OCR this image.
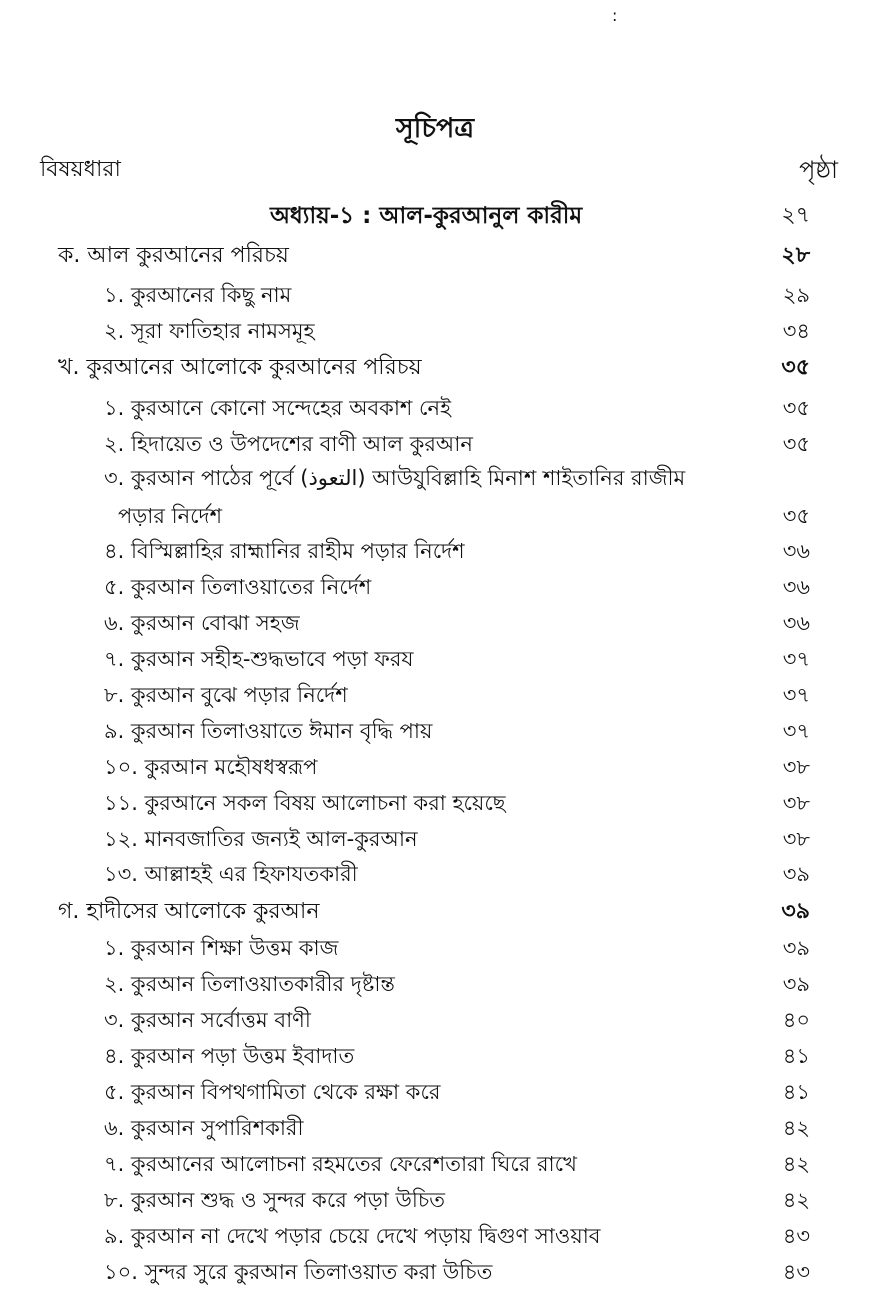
:
সূচিপত্র
বিষয়ধারা	পৃষ্ঠা
অধ্যায়-১ : আল-কুরআনুল কারীম	২৭
ক. আল কুরআনের পরিচয়	২৮
১. কুরআনের কিছু নাম	২৯
২. সূরা ফাতিহার নামসমূহ	৩৪
খ. কুরআনের আলোকে কুরআনের পরিচয়	৩৫
১. কুরআনে কোনো সন্দেহের অবকাশ নেই	৩৫
২. হিদায়েত ও উপদেশের বাণী আল কুরআন	৩৫
৩. কুরআন পাঠের পূর্বে (التعوذ) আউযুবিল্লাহি মিনাশ শাইতানির রাজীম
পড়ার নির্দেশ	৩৫
৪. বিস্মিল্লাহির রাহ্মানির রাহীম পড়ার নির্দেশ	৩৬
৫. কুরআন তিলাওয়াতের নির্দেশ	৩৬
৬. কুরআন বোঝা সহজ	৩৬
৭. কুরআন সহীহ-শুদ্ধভাবে পড়া ফরয	৩৭
৮. কুরআন বুঝে পড়ার নির্দেশ	৩৭
৯. কুরআন তিলাওয়াতে ঈমান বৃদ্ধি পায়	৩৭
১০. কুরআন মহৌষধস্বরূপ	৩৮
১১. কুরআনে সকল বিষয় আলোচনা করা হয়েছে	৩৮
১২. মানবজাতির জন্যই আল-কুরআন	৩৮
১৩. আল্লাহই এর হিফাযতকারী	৩৯
গ. হাদীসের আলোকে কুরআন	৩৯
১. কুরআন শিক্ষা উত্তম কাজ	৩৯
২. কুরআন তিলাওয়াতকারীর দৃষ্টান্ত	৩৯
৩. কুরআন সর্বোত্তম বাণী	৪০
৪. কুরআন পড়া উত্তম ইবাদাত	৪১
৫. কুরআন বিপথগামিতা থেকে রক্ষা করে	৪১
৬. কুরআন সুপারিশকারী	৪২
৭. কুরআনের আলোচনা রহমতের ফেরেশতারা ঘিরে রাখে	৪২
৮. কুরআন শুদ্ধ ও সুন্দর করে পড়া উচিত	৪২
৯. কুরআন না দেখে পড়ার চেয়ে দেখে পড়ায় দ্বিগুণ সাওয়াব	৪৩
১০. সুন্দর সুরে কুরআন তিলাওয়াত করা উচিত	৪৩
